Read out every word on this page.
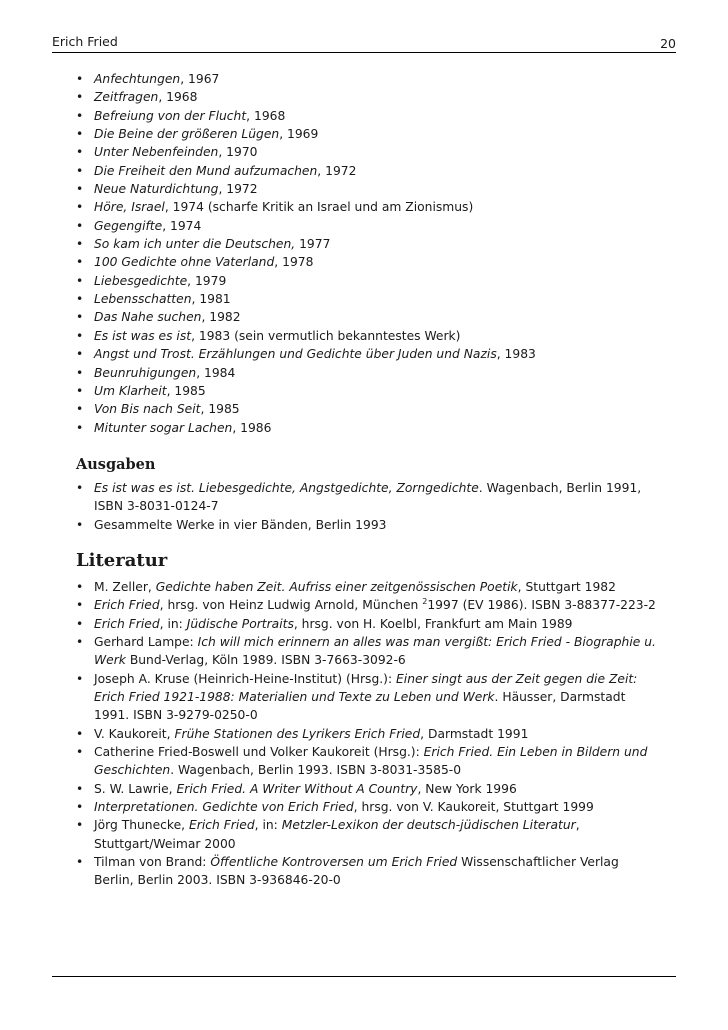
Erich Fried	20
• Anfechtungen, 1967
• Zeitfragen, 1968
• Befreiung von der Flucht, 1968
• Die Beine der größeren Lügen, 1969
• Unter Nebenfeinden, 1970
• Die Freiheit den Mund aufzumachen, 1972
• Neue Naturdichtung, 1972
• Höre, Israel, 1974 (scharfe Kritik an Israel und am Zionismus)
• Gegengifte, 1974
• So kam ich unter die Deutschen, 1977
• 100 Gedichte ohne Vaterland, 1978
• Liebesgedichte, 1979
• Lebensschatten, 1981
• Das Nahe suchen, 1982
• Es ist was es ist, 1983 (sein vermutlich bekanntestes Werk)
• Angst und Trost. Erzählungen und Gedichte über Juden und Nazis, 1983
• Beunruhigungen, 1984
• Um Klarheit, 1985
• Von Bis nach Seit, 1985
• Mitunter sogar Lachen, 1986
Ausgaben
• Es ist was es ist. Liebesgedichte, Angstgedichte, Zorngedichte. Wagenbach, Berlin 1991, ISBN 3-8031-0124-7
• Gesammelte Werke in vier Bänden, Berlin 1993
Literatur
• M. Zeller, Gedichte haben Zeit. Aufriss einer zeitgenössischen Poetik, Stuttgart 1982
• Erich Fried, hrsg. von Heinz Ludwig Arnold, München $^2$1997 (EV 1986). ISBN 3-88377-223-2
• Erich Fried, in: Jüdische Portraits, hrsg. von H. Koelbl, Frankfurt am Main 1989
• Gerhard Lampe: Ich will mich erinnern an alles was man vergißt: Erich Fried - Biographie u. Werk Bund-Verlag, Köln 1989. ISBN 3-7663-3092-6
• Joseph A. Kruse (Heinrich-Heine-Institut) (Hrsg.): Einer singt aus der Zeit gegen die Zeit: Erich Fried 1921-1988: Materialien und Texte zu Leben und Werk. Häusser, Darmstadt 1991. ISBN 3-9279-0250-0
• V. Kaukoreit, Frühe Stationen des Lyrikers Erich Fried, Darmstadt 1991
• Catherine Fried-Boswell und Volker Kaukoreit (Hrsg.): Erich Fried. Ein Leben in Bildern und Geschichten. Wagenbach, Berlin 1993. ISBN 3-8031-3585-0
• S. W. Lawrie, Erich Fried. A Writer Without A Country, New York 1996
• Interpretationen. Gedichte von Erich Fried, hrsg. von V. Kaukoreit, Stuttgart 1999
• Jörg Thunecke, Erich Fried, in: Metzler-Lexikon der deutsch-jüdischen Literatur, Stuttgart/Weimar 2000
• Tilman von Brand: Öffentliche Kontroversen um Erich Fried Wissenschaftlicher Verlag Berlin, Berlin 2003. ISBN 3-936846-20-0
